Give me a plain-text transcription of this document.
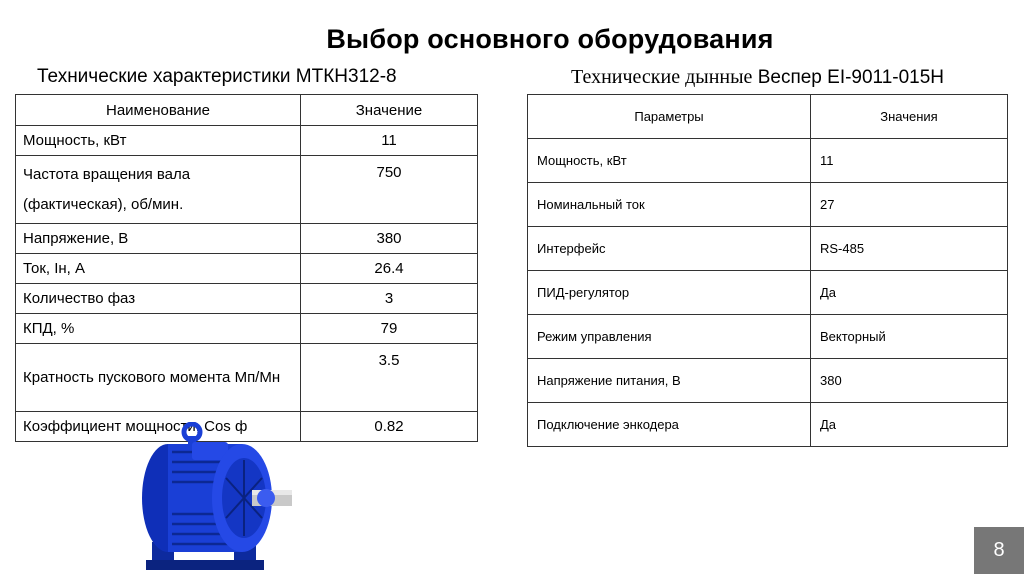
Выбор основного оборудования
Технические характеристики МТКН312-8	Технические дынные Веспер EI-9011-015H
Наименование	Значение
Мощность, кВт	11
Частота вращения вала (фактическая), об/мин.	750
Напряжение, В	380
Ток, Iн, А	26.4
Количество фаз	3
КПД, %	79
Кратность пускового момента Мп/Мн	3.5
Коэффициент мощности, Cos ф	0.82
Параметры	Значения
Мощность, кВт	11
Номинальный ток	27
Интерфейс	RS-485
ПИД-регулятор	Да
Режим управления	Векторный
Напряжение питания, В	380
Подключение энкодера	Да
8
